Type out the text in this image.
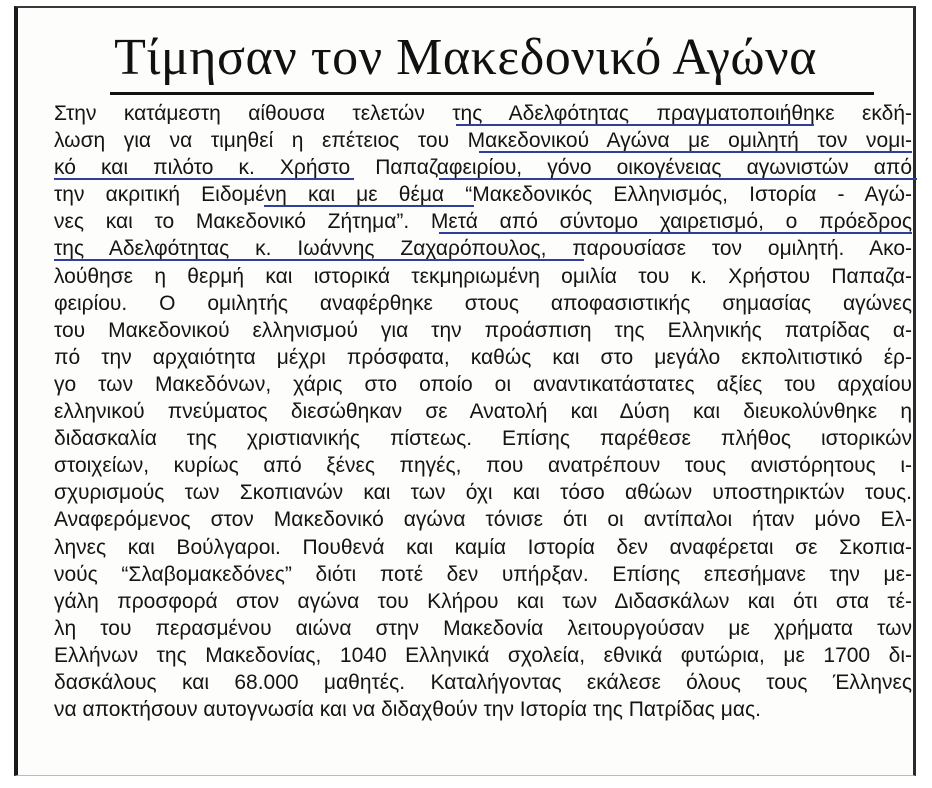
Τίμησαν τον Μακεδονικό Αγώνα
Στην κατάμεστη αίθουσα τελετών της Αδελφότητας πραγματοποιήθηκε εκδή-
λωση για να τιμηθεί η επέτειος του Μακεδονικού Αγώνα με ομιλητή τον νομι-
κό και πιλότο κ. Χρήστο Παπαζαφειρίου, γόνο οικογένειας αγωνιστών από
την ακριτική Ειδομένη και με θέμα “Μακεδονικός Ελληνισμός, Ιστορία - Αγώ-
νες και το Μακεδονικό Ζήτημα”. Μετά από σύντομο χαιρετισμό, ο πρόεδρος
της Αδελφότητας κ. Ιωάννης Ζαχαρόπουλος, παρουσίασε τον ομιλητή. Ακο-
λούθησε η θερμή και ιστορικά τεκμηριωμένη ομιλία του κ. Χρήστου Παπαζα-
φειρίου. Ο ομιλητής αναφέρθηκε στους αποφασιστικής σημασίας αγώνες
του Μακεδονικού ελληνισμού για την προάσπιση της Ελληνικής πατρίδας α-
πό την αρχαιότητα μέχρι πρόσφατα, καθώς και στο μεγάλο εκπολιτιστικό έρ-
γο των Μακεδόνων, χάρις στο οποίο οι αναντικατάστατες αξίες του αρχαίου
ελληνικού πνεύματος διεσώθηκαν σε Ανατολή και Δύση και διευκολύνθηκε η
διδασκαλία της χριστιανικής πίστεως. Επίσης παρέθεσε πλήθος ιστορικών
στοιχείων, κυρίως από ξένες πηγές, που ανατρέπουν τους ανιστόρητους ι-
σχυρισμούς των Σκοπιανών και των όχι και τόσο αθώων υποστηρικτών τους.
Αναφερόμενος στον Μακεδονικό αγώνα τόνισε ότι οι αντίπαλοι ήταν μόνο Ελ-
ληνες και Βούλγαροι. Πουθενά και καμία Ιστορία δεν αναφέρεται σε Σκοπια-
νούς “Σλαβομακεδόνες” διότι ποτέ δεν υπήρξαν. Επίσης επεσήμανε την με-
γάλη προσφορά στον αγώνα του Κλήρου και των Διδασκάλων και ότι στα τέ-
λη του περασμένου αιώνα στην Μακεδονία λειτουργούσαν με χρήματα των
Ελλήνων της Μακεδονίας, 1040 Ελληνικά σχολεία, εθνικά φυτώρια, με 1700 δι-
δασκάλους και 68.000 μαθητές. Καταλήγοντας εκάλεσε όλους τους Έλληνες
να αποκτήσουν αυτογνωσία και να διδαχθούν την Ιστορία της Πατρίδας μας.
